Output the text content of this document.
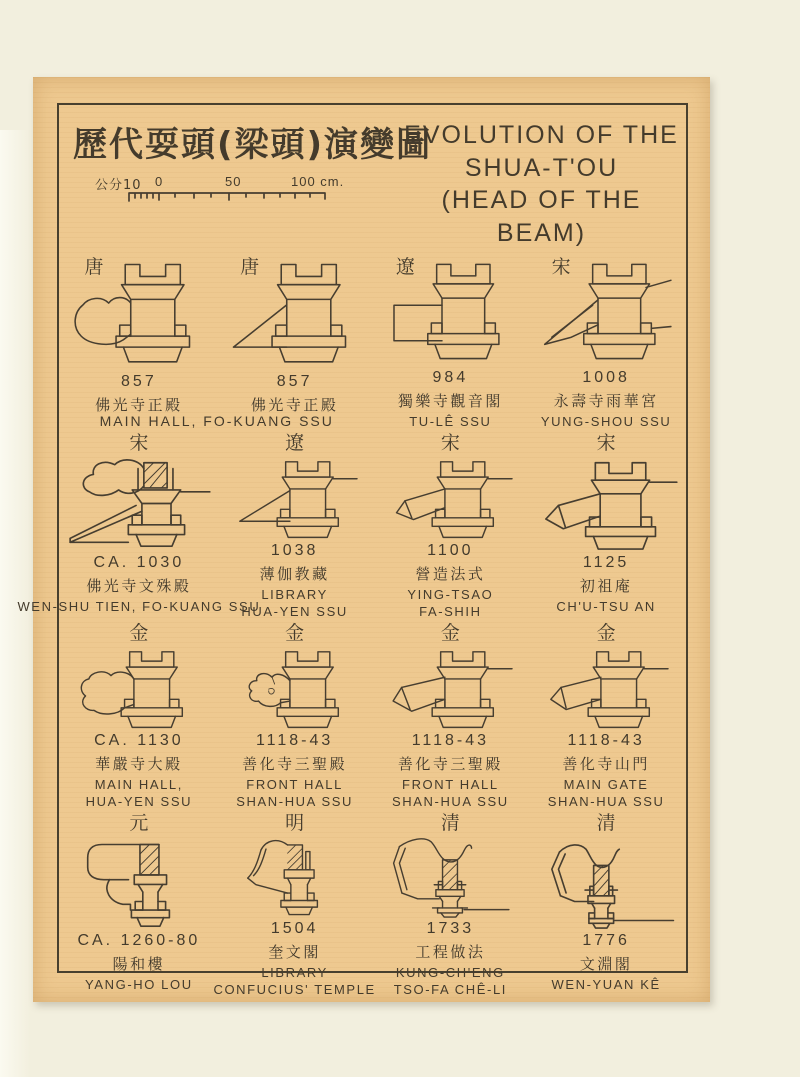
歷代耍頭(梁頭)演變圖
公分10 0	50	100 cm.
EVOLUTION OF THE
SHUA-T'OU
(HEAD OF THE BEAM)
唐
857
佛光寺正殿
唐
857
佛光寺正殿
遼
984
獨樂寺觀音閣
TU-LÊ SSU
宋
1008
永壽寺雨華宮
YUNG-SHOU SSU
MAIN HALL, FO-KUANG SSU
宋
CA. 1030
佛光寺文殊殿
WEN-SHU TIEN, FO-KUANG SSU
遼
1038
薄伽教藏
LIBRARY
HUA-YEN SSU
宋
1100
營造法式
YING-TSAO
FA-SHIH
宋
1125
初祖庵
CH'U-TSU AN
金
CA. 1130
華嚴寺大殿
MAIN HALL,
HUA-YEN SSU
金
1118-43
善化寺三聖殿
FRONT HALL
SHAN-HUA SSU
金
1118-43
善化寺三聖殿
FRONT HALL
SHAN-HUA SSU
金
1118-43
善化寺山門
MAIN GATE
SHAN-HUA SSU
元
CA. 1260-80
陽和樓
YANG-HO LOU
明
1504
奎文閣
LIBRARY
CONFUCIUS' TEMPLE
清
1733
工程做法
KUNG-CH'ENG
TSO-FA CHÊ-LI
清
1776
文淵閣
WEN-YUAN KÊ
